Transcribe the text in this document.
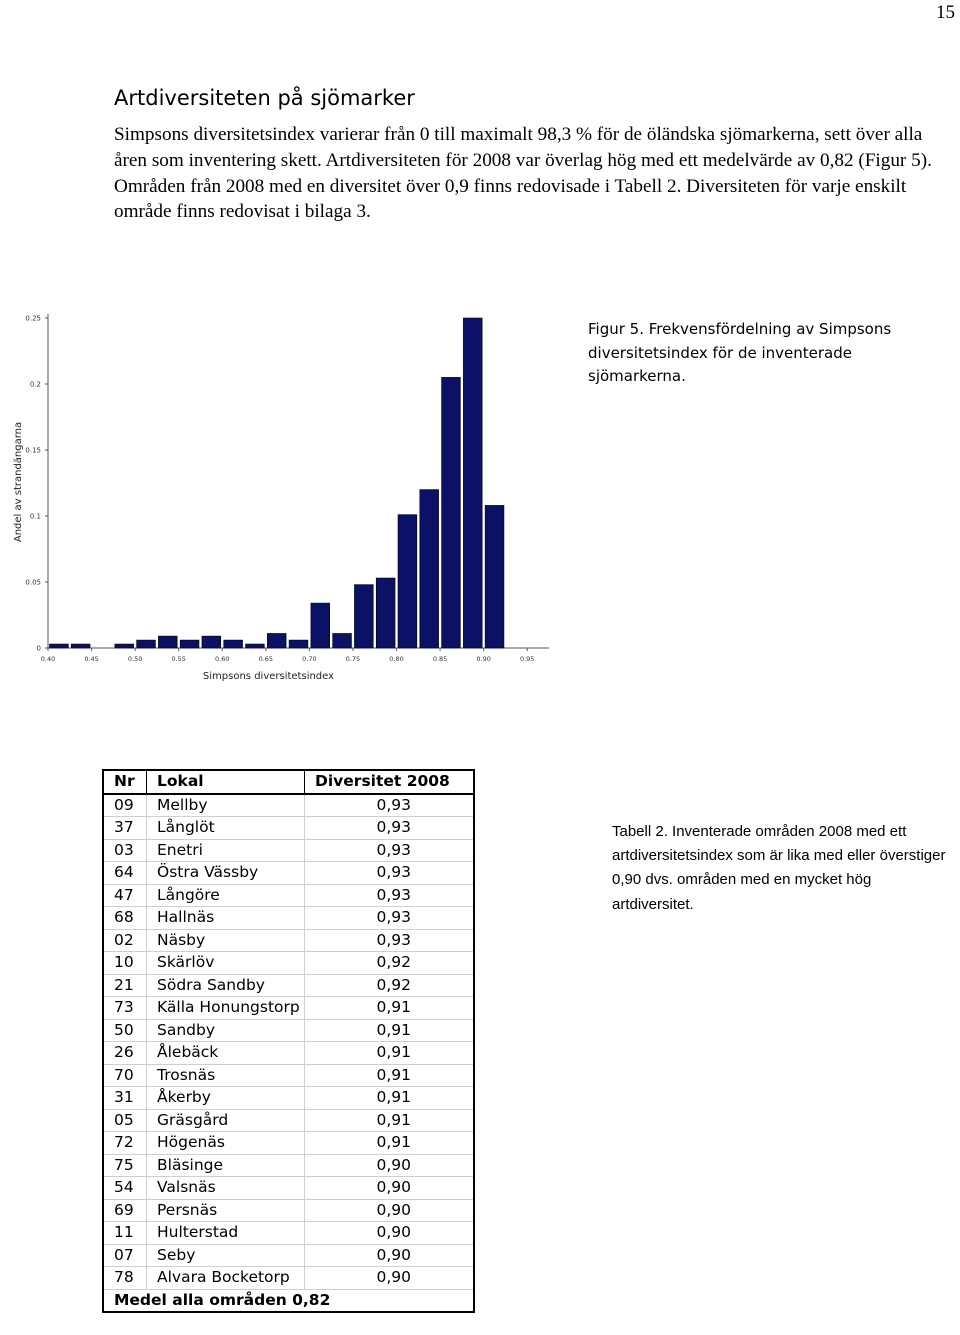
15
Artdiversiteten på sjömarker

Simpsons diversitetsindex varierar från 0 till maximalt 98,3 % för de öländska sjömarkerna, sett över alla åren som inventering skett. Artdiversiteten för 2008 var överlag hög med ett medelvärde av 0,82 (Figur 5). Områden från 2008 med en diversitet över 0,9 finns redovisade i Tabell 2. Diversiteten för varje enskilt område finns redovisat i bilaga 3.

0
0.05
0.1
0.15
0.2
0.25
0.40	0.45	0.50	0.55	0.60	0.65	0.70	0.75	0.80	0.85	0.90	0.95
Simpsons diversitetsindex
Andel av strandängarna

Figur 5. Frekvensfördelning av Simpsons diversitetsindex för de inventerade sjömarkerna.

Nr	Lokal	Diversitet 2008
09	Mellby	0,93
37	Långlöt	0,93
03	Enetri	0,93
64	Östra Vässby	0,93
47	Långöre	0,93
68	Hallnäs	0,93
02	Näsby	0,93
10	Skärlöv	0,92
21	Södra Sandby	0,92
73	Källa Honungstorp	0,91
50	Sandby	0,91
26	Ålebäck	0,91
70	Trosnäs	0,91
31	Åkerby	0,91
05	Gräsgård	0,91
72	Högenäs	0,91
75	Bläsinge	0,90
54	Valsnäs	0,90
69	Persnäs	0,90
11	Hulterstad	0,90
07	Seby	0,90
78	Alvara Bocketorp	0,90
Medel alla områden 0,82		

Tabell 2. Inventerade områden 2008 med ett artdiversitetsindex som är lika med eller överstiger 0,90 dvs. områden med en mycket hög artdiversitet.
